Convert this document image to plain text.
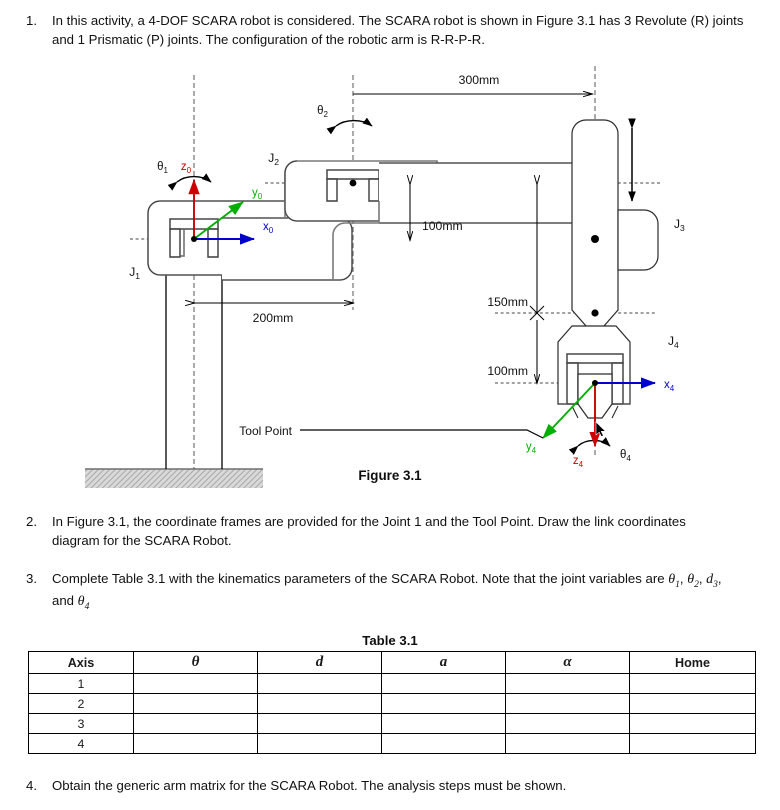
1.	In this activity, a 4-DOF SCARA robot is considered. The SCARA robot is shown in Figure 3.1 has 3 Revolute (R) joints and 1 Prismatic (P) joints. The configuration of the robotic arm is R-R-P-R.
300mm
200mm
100mm
150mm
100mm
$\theta_1$
$\theta_2$
$\theta_4$
$z_0$
$y_0$
$x_0$
$x_4$
$z_4$
$y_4$
Tool Point
$J_1$
$J_2$
$J_3$
$J_4$
Figure 3.1
2.	In Figure 3.1, the coordinate frames are provided for the Joint 1 and the Tool Point. Draw the link coordinates diagram for the SCARA Robot.
3.	Complete Table 3.1 with the kinematics parameters of the SCARA Robot. Note that the joint variables are $\theta_1$, $\theta_2$, $d_3$, and $\theta_4$
Table 3.1
Axis	θ	d	a	α	Home
1					
2					
3					
4					
4.	Obtain the generic arm matrix for the SCARA Robot. The analysis steps must be shown.
